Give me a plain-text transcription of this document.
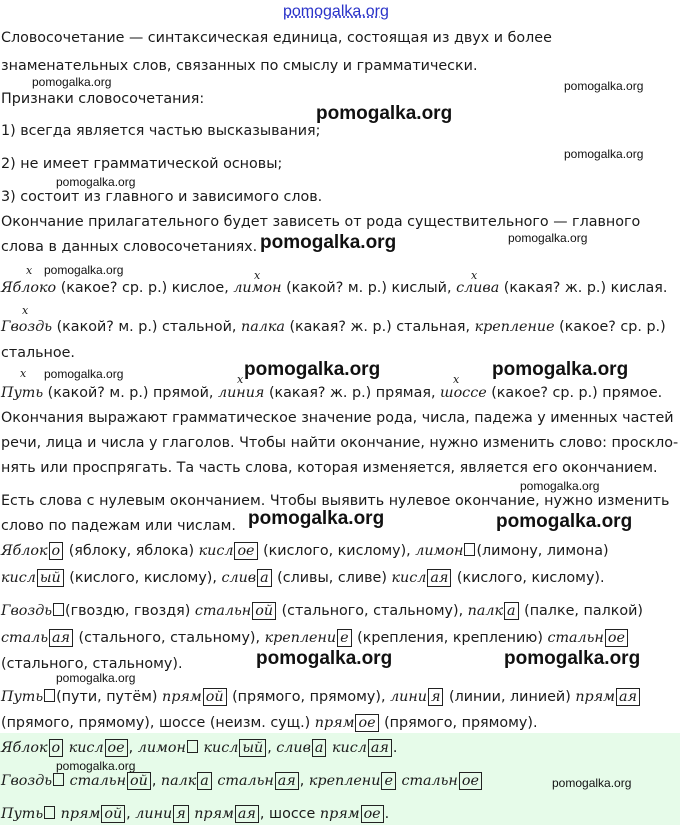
pomogalka.org
pomogalka.org	pomogalka.org
pomogalka.org
pomogalka.org
pomogalka.org
pomogalka.org	pomogalka.org
pomogalka.org
pomogalka.org	pomogalka.org
pomogalka.org
pomogalka.org
pomogalka.org	pomogalka.org
pomogalka.org	pomogalka.org
pomogalka.org
pomogalka.org
pomogalka.org
x	x	x
x
x	x	x
Словосочетание — синтаксическая единица, состоящая из двух и более
знаменательных слов, связанных по смыслу и грамматически.
Признаки словосочетания:
1) всегда является частью высказывания;
2) не имеет грамматической основы;
3) состоит из главного и зависимого слов.
Окончание прилагательного будет зависеть от рода существительного — главного
слова в данных словосочетаниях.
Яблоко (какое? ср. р.) кислое, лимон (какой? м. р.) кислый, слива (какая? ж. р.) кислая.
Гвоздь (какой? м. р.) стальной, палка (какая? ж. р.) стальная, крепление (какое? ср. р.)
стальное.
Путь (какой? м. р.) прямой, линия (какая? ж. р.) прямая, шоссе (какое? ср. р.) прямое.
Окончания выражают грамматическое значение рода, числа, падежа у именных частей
речи, лица и числа у глаголов. Чтобы найти окончание, нужно изменить слово: проскло-
нять или проспрягать. Та часть слова, которая изменяется, является его окончанием.
Есть слова с нулевым окончанием. Чтобы выявить нулевое окончание, нужно изменить
слово по падежам или числам.
Яблок о (яблоку, яблока) кисл ое (кислого, кислому), лимон (лимону, лимона)
кисл ый (кислого, кислому), слив а (сливы, сливе) кисл ая (кислого, кислому).
Гвоздь (гвоздю, гвоздя) стальн ой (стального, стальному), палк а (палке, палкой)
сталь ая (стального, стальному), креплени е (крепления, креплению) стальн ое
(стального, стальному).
Путь (пути, путём) прям ой (прямого, прямому), лини я (линии, линией) прям ая
(прямого, прямому), шоссе (неизм. сущ.) прям ое (прямого, прямому).
Яблок о кисл ое , лимон кисл ый , слив а кисл ая .
Гвоздь стальн ой , палк а стальн ая , креплени е стальн ое
Путь прям ой , лини я прям ая , шоссе прям ое .
